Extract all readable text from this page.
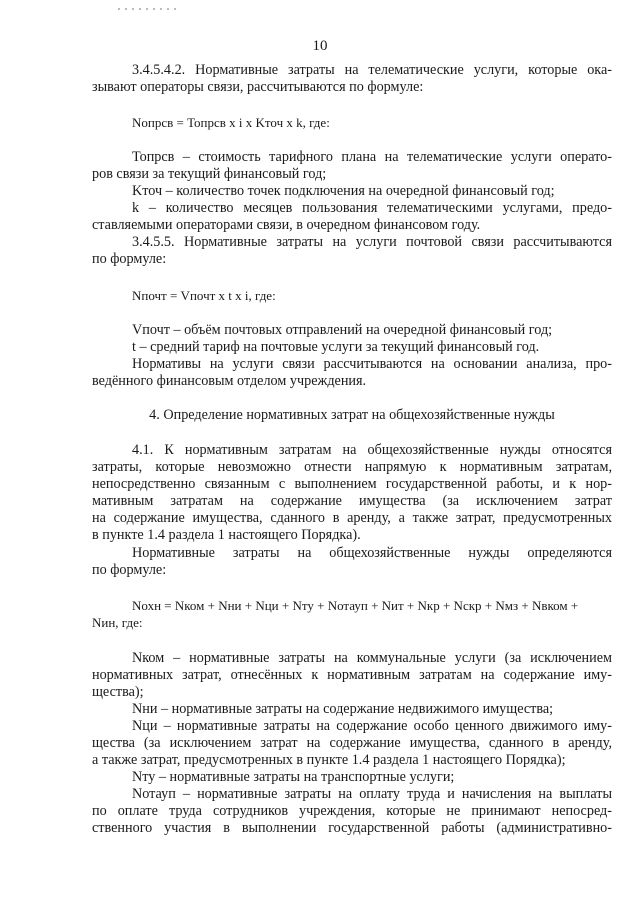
10
3.4.5.4.2. Нормативные затраты на телематические услуги, которые ока-
зывают операторы связи, рассчитываются по формуле:
Nопрсв = Топрсв x i x Kточ x k, где:
Топрсв – стоимость тарифного плана на телематические услуги операто-
ров связи за текущий финансовый год;
Kточ – количество точек подключения на очередной финансовый год;
k – количество месяцев пользования телематическими услугами, предо-
ставляемыми операторами связи, в очередном финансовом году.
3.4.5.5. Нормативные затраты на услуги почтовой связи рассчитываются
по формуле:
Nпочт = Vпочт x t x i, где:
Vпочт – объём почтовых отправлений на очередной финансовый год;
t – средний тариф на почтовые услуги за текущий финансовый год.
Нормативы на услуги связи рассчитываются на основании анализа, про-
ведённого финансовым отделом учреждения.
4. Определение нормативных затрат на общехозяйственные нужды
4.1. К нормативным затратам на общехозяйственные нужды относятся
затраты, которые невозможно отнести напрямую к нормативным затратам,
непосредственно связанным с выполнением государственной работы, и к нор-
мативным затратам на содержание имущества (за исключением затрат
на содержание имущества, сданного в аренду, а также затрат, предусмотренных
в пункте 1.4 раздела 1 настоящего Порядка).
Нормативные затраты на общехозяйственные нужды определяются
по формуле:
Nохн = Nком + Nни + Nци + Nту + Nотауп + Nит + Nкр + Nскр + Nмз + Nвком +
Nин, где:
Nком – нормативные затраты на коммунальные услуги (за исключением
нормативных затрат, отнесённых к нормативным затратам на содержание иму-
щества);
Nни – нормативные затраты на содержание недвижимого имущества;
Nци – нормативные затраты на содержание особо ценного движимого иму-
щества (за исключением затрат на содержание имущества, сданного в аренду,
а также затрат, предусмотренных в пункте 1.4 раздела 1 настоящего Порядка);
Nту – нормативные затраты на транспортные услуги;
Nотауп – нормативные затраты на оплату труда и начисления на выплаты
по оплате труда сотрудников учреждения, которые не принимают непосред-
ственного участия в выполнении государственной работы (административно-
